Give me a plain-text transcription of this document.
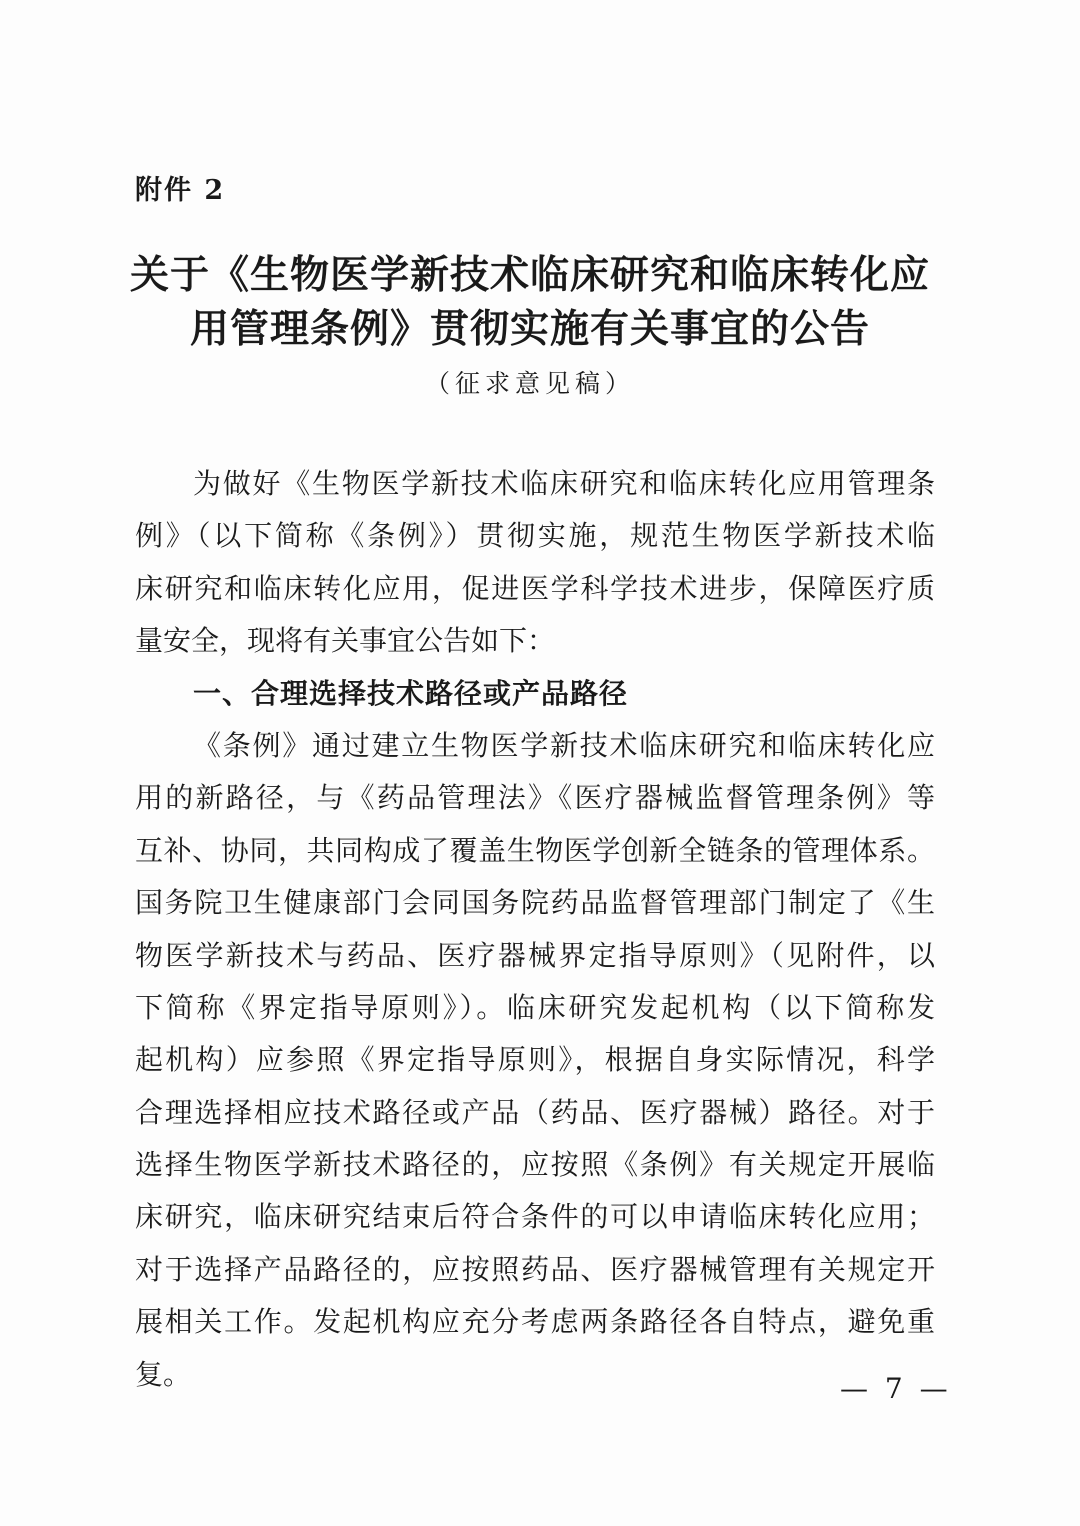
附件 2
关于《生物医学新技术临床研究和临床转化应
用管理条例》贯彻实施有关事宜的公告
（征求意见稿）
为做好《生物医学新技术临床研究和临床转化应用管理条
例》（以下简称《条例》）贯彻实施，规范生物医学新技术临
床研究和临床转化应用，促进医学科学技术进步，保障医疗质
量安全，现将有关事宜公告如下：
一、合理选择技术路径或产品路径
《条例》通过建立生物医学新技术临床研究和临床转化应
用的新路径，与《药品管理法》《医疗器械监督管理条例》等
互补、协同，共同构成了覆盖生物医学创新全链条的管理体系。
国务院卫生健康部门会同国务院药品监督管理部门制定了《生
物医学新技术与药品、医疗器械界定指导原则》（见附件，以
下简称《界定指导原则》）。临床研究发起机构（以下简称发
起机构）应参照《界定指导原则》，根据自身实际情况，科学
合理选择相应技术路径或产品（药品、医疗器械）路径。对于
选择生物医学新技术路径的，应按照《条例》有关规定开展临
床研究，临床研究结束后符合条件的可以申请临床转化应用；
对于选择产品路径的，应按照药品、医疗器械管理有关规定开
展相关工作。发起机构应充分考虑两条路径各自特点，避免重
复。	— 7 —
